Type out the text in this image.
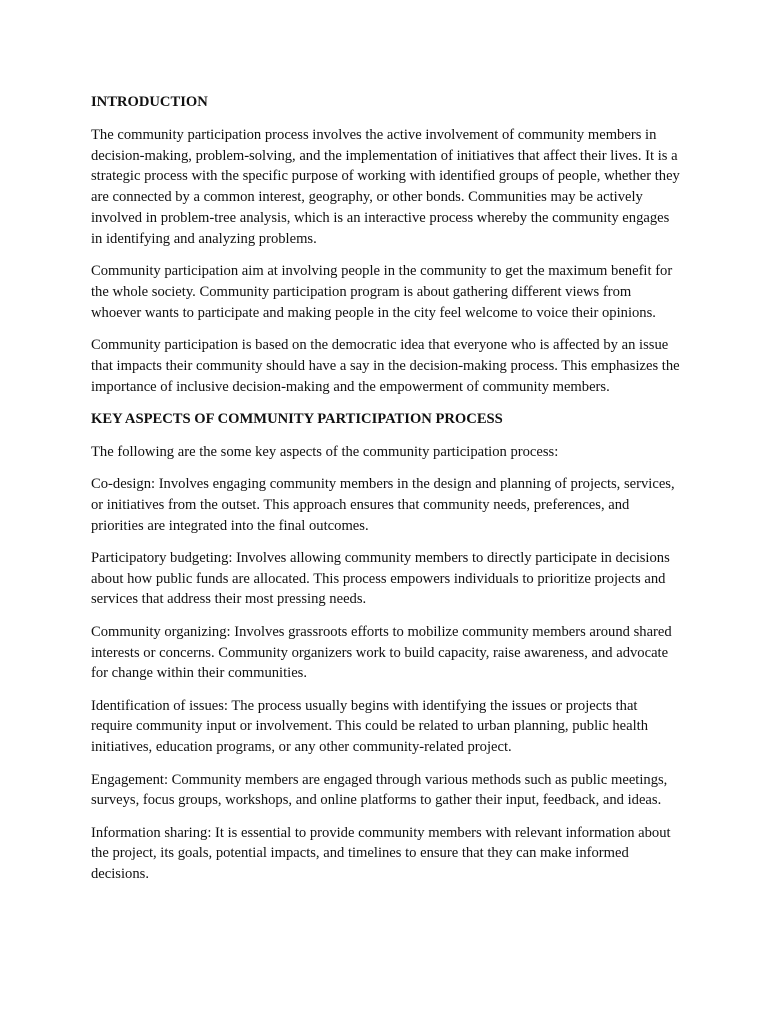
INTRODUCTION

The community participation process involves the active involvement of community members in decision-making, problem-solving, and the implementation of initiatives that affect their lives. It is a strategic process with the specific purpose of working with identified groups of people, whether they are connected by a common interest, geography, or other bonds. Communities may be actively involved in problem-tree analysis, which is an interactive process whereby the community engages in identifying and analyzing problems.

Community participation aim at involving people in the community to get the maximum benefit for the whole society. Community participation program is about gathering different views from whoever wants to participate and making people in the city feel welcome to voice their opinions.

Community participation is based on the democratic idea that everyone who is affected by an issue that impacts their community should have a say in the decision-making process. This emphasizes the importance of inclusive decision-making and the empowerment of community members.

KEY ASPECTS OF COMMUNITY PARTICIPATION PROCESS

The following are the some key aspects of the community participation process:

Co-design: Involves engaging community members in the design and planning of projects, services, or initiatives from the outset. This approach ensures that community needs, preferences, and priorities are integrated into the final outcomes.

Participatory budgeting: Involves allowing community members to directly participate in decisions about how public funds are allocated. This process empowers individuals to prioritize projects and services that address their most pressing needs.

Community organizing: Involves grassroots efforts to mobilize community members around shared interests or concerns. Community organizers work to build capacity, raise awareness, and advocate for change within their communities.

Identification of issues: The process usually begins with identifying the issues or projects that require community input or involvement. This could be related to urban planning, public health initiatives, education programs, or any other community-related project.

Engagement: Community members are engaged through various methods such as public meetings, surveys, focus groups, workshops, and online platforms to gather their input, feedback, and ideas.

Information sharing: It is essential to provide community members with relevant information about the project, its goals, potential impacts, and timelines to ensure that they can make informed decisions.
